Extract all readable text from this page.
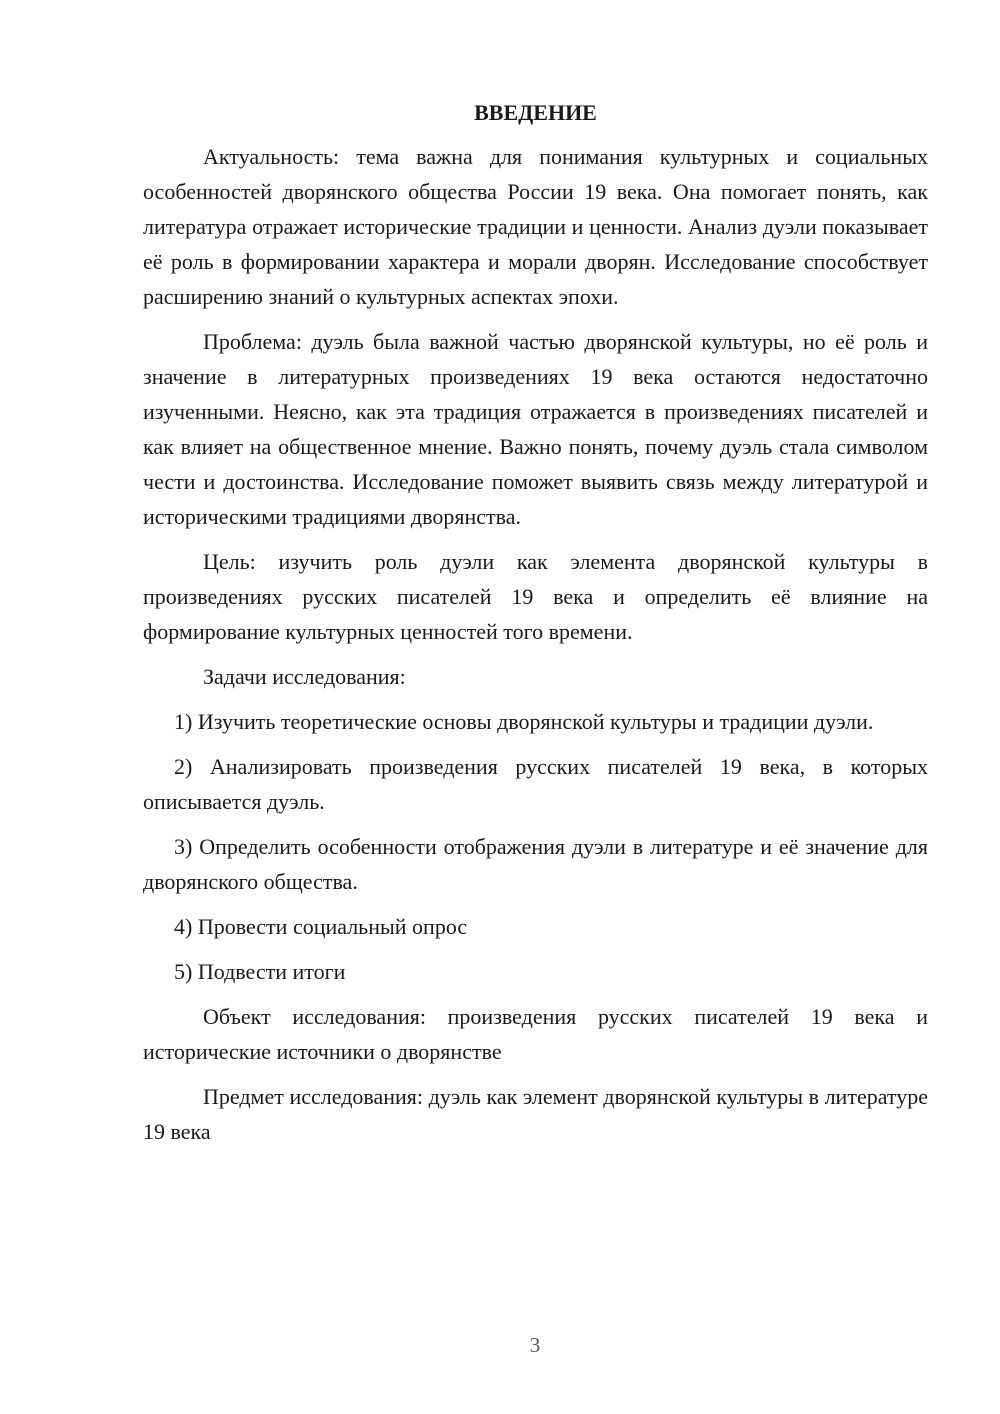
ВВЕДЕНИЕ

Актуальность: тема важна для понимания культурных и социальных особенностей дворянского общества России 19 века. Она помогает понять, как литература отражает исторические традиции и ценности. Анализ дуэли показывает её роль в формировании характера и морали дворян. Исследование способствует расширению знаний о культурных аспектах эпохи.

Проблема: дуэль была важной частью дворянской культуры, но её роль и значение в литературных произведениях 19 века остаются недостаточно изученными. Неясно, как эта традиция отражается в произведениях писателей и как влияет на общественное мнение. Важно понять, почему дуэль стала символом чести и достоинства. Исследование поможет выявить связь между литературой и историческими традициями дворянства.

Цель: изучить роль дуэли как элемента дворянской культуры в произведениях русских писателей 19 века и определить её влияние на формирование культурных ценностей того времени.

Задачи исследования:

1) Изучить теоретические основы дворянской культуры и традиции дуэли.

2) Анализировать произведения русских писателей 19 века, в которых описывается дуэль.

3) Определить особенности отображения дуэли в литературе и её значение для дворянского общества.

4) Провести социальный опрос

5) Подвести итоги

Объект исследования: произведения русских писателей 19 века и исторические источники о дворянстве

Предмет исследования: дуэль как элемент дворянской культуры в литературе 19 века

3
